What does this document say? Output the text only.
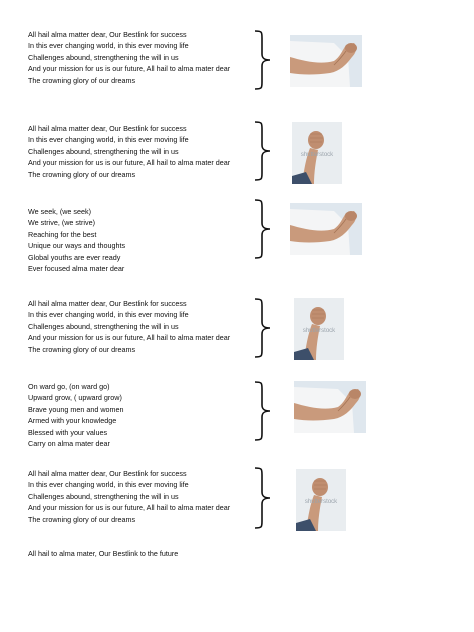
All hail alma matter dear, Our Bestlink for success
In this ever changing world, in this ever moving life
Challenges abound, strengthening the will in us
And your mission for us is our future, All hail to alma mater dear
The crowning glory of our dreams
All hail alma matter dear, Our Bestlink for success
In this ever changing world, in this ever moving life
Challenges abound, strengthening the will in us
And your mission for us is our future, All hail to alma mater dear
The crowning glory of our dreams
shutterstock
We seek, (we seek)
We strive, (we strive)
Reaching for the best
Unique our ways and thoughts
Global youths are ever ready
Ever focused alma mater dear
All hail alma matter dear, Our Bestlink for success
In this ever changing world, in this ever moving life
Challenges abound, strengthening the will in us
And your mission for us is our future, All hail to alma mater dear
The crowning glory of our dreams
shutterstock
On ward go, (on ward go)
Upward grow, ( upward grow)
Brave young men and women
Armed with your knowledge
Blessed with your values
Carry on alma mater dear
All hail alma matter dear, Our Bestlink for success
In this ever changing world, in this ever moving life
Challenges abound, strengthening the will in us
And your mission for us is our future, All hail to alma mater dear
The crowning glory of our dreams
shutterstock
All hail to alma mater, Our Bestlink to the future
